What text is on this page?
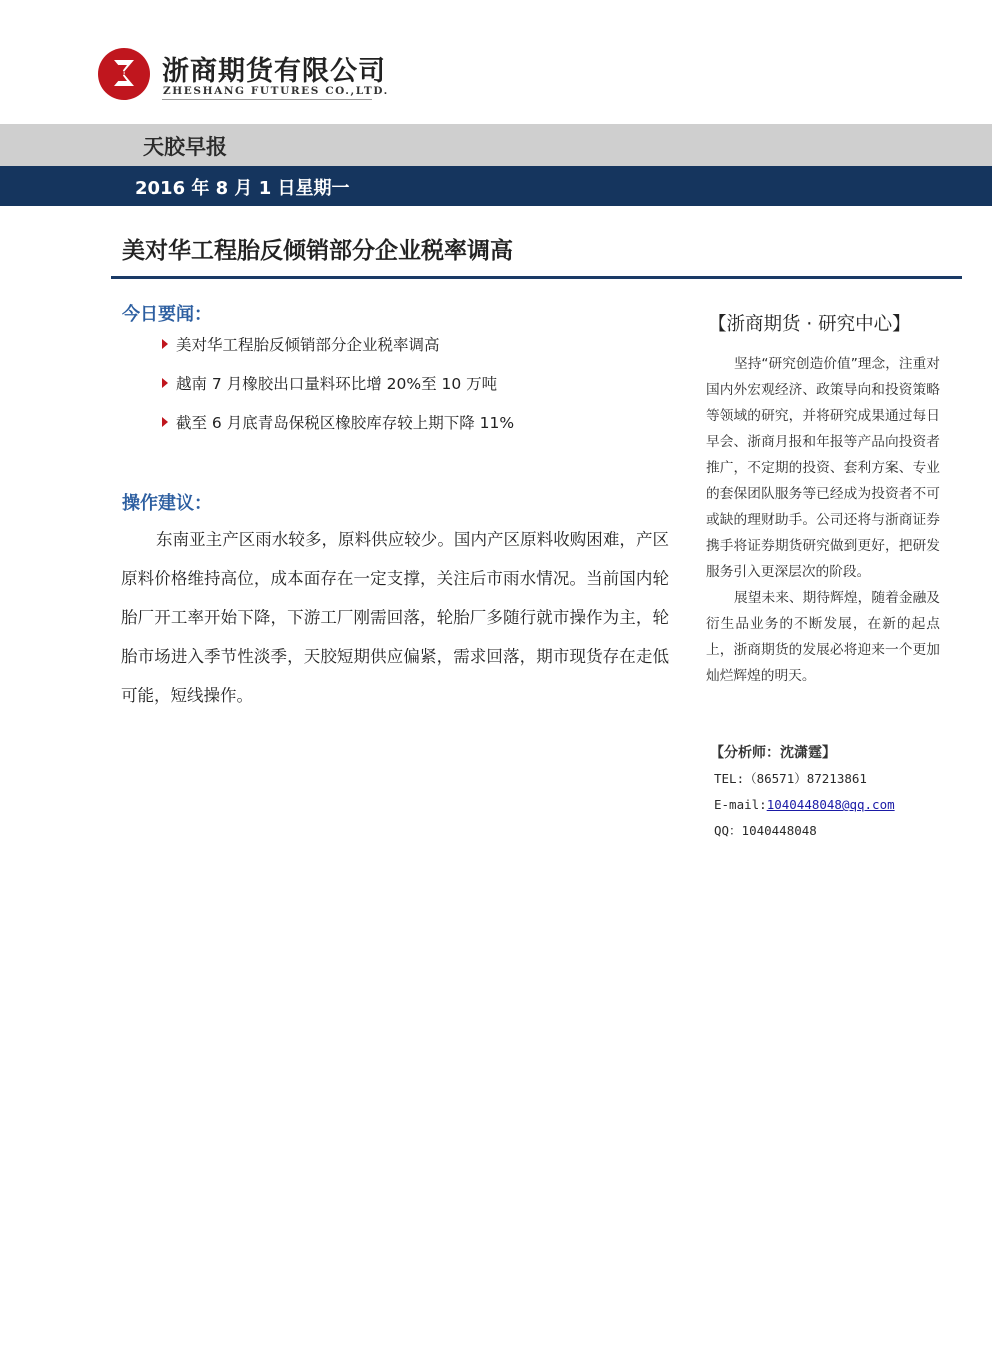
浙商期货有限公司
ZHESHANG FUTURES CO.,LTD.
天胶早报
2016 年 8 月 1 日星期一
美对华工程胎反倾销部分企业税率调高
今日要闻：
美对华工程胎反倾销部分企业税率调高
越南 7 月橡胶出口量料环比增 20%至 10 万吨
截至 6 月底青岛保税区橡胶库存较上期下降 11%
操作建议：

东南亚主产区雨水较多，原料供应较少。国内产区原料收购困难，产区原料价格维持高位，成本面存在一定支撑，关注后市雨水情况。当前国内轮胎厂开工率开始下降，下游工厂刚需回落，轮胎厂多随行就市操作为主，轮胎市场进入季节性淡季，天胶短期供应偏紧，需求回落，期市现货存在走低可能，短线操作。

【浙商期货 · 研究中心】

坚持“研究创造价值”理念，注重对国内外宏观经济、政策导向和投资策略等领域的研究，并将研究成果通过每日早会、浙商月报和年报等产品向投资者推广，不定期的投资、套利方案、专业的套保团队服务等已经成为投资者不可或缺的理财助手。公司还将与浙商证券携手将证券期货研究做到更好，把研发服务引入更深层次的阶段。

展望未来、期待辉煌，随着金融及衍生品业务的不断发展，在新的起点上，浙商期货的发展必将迎来一个更加灿烂辉煌的明天。

【分析师：沈潇霆】
TEL:（86571）87213861
E-mail:1040448048@qq.com
QQ：1040448048
